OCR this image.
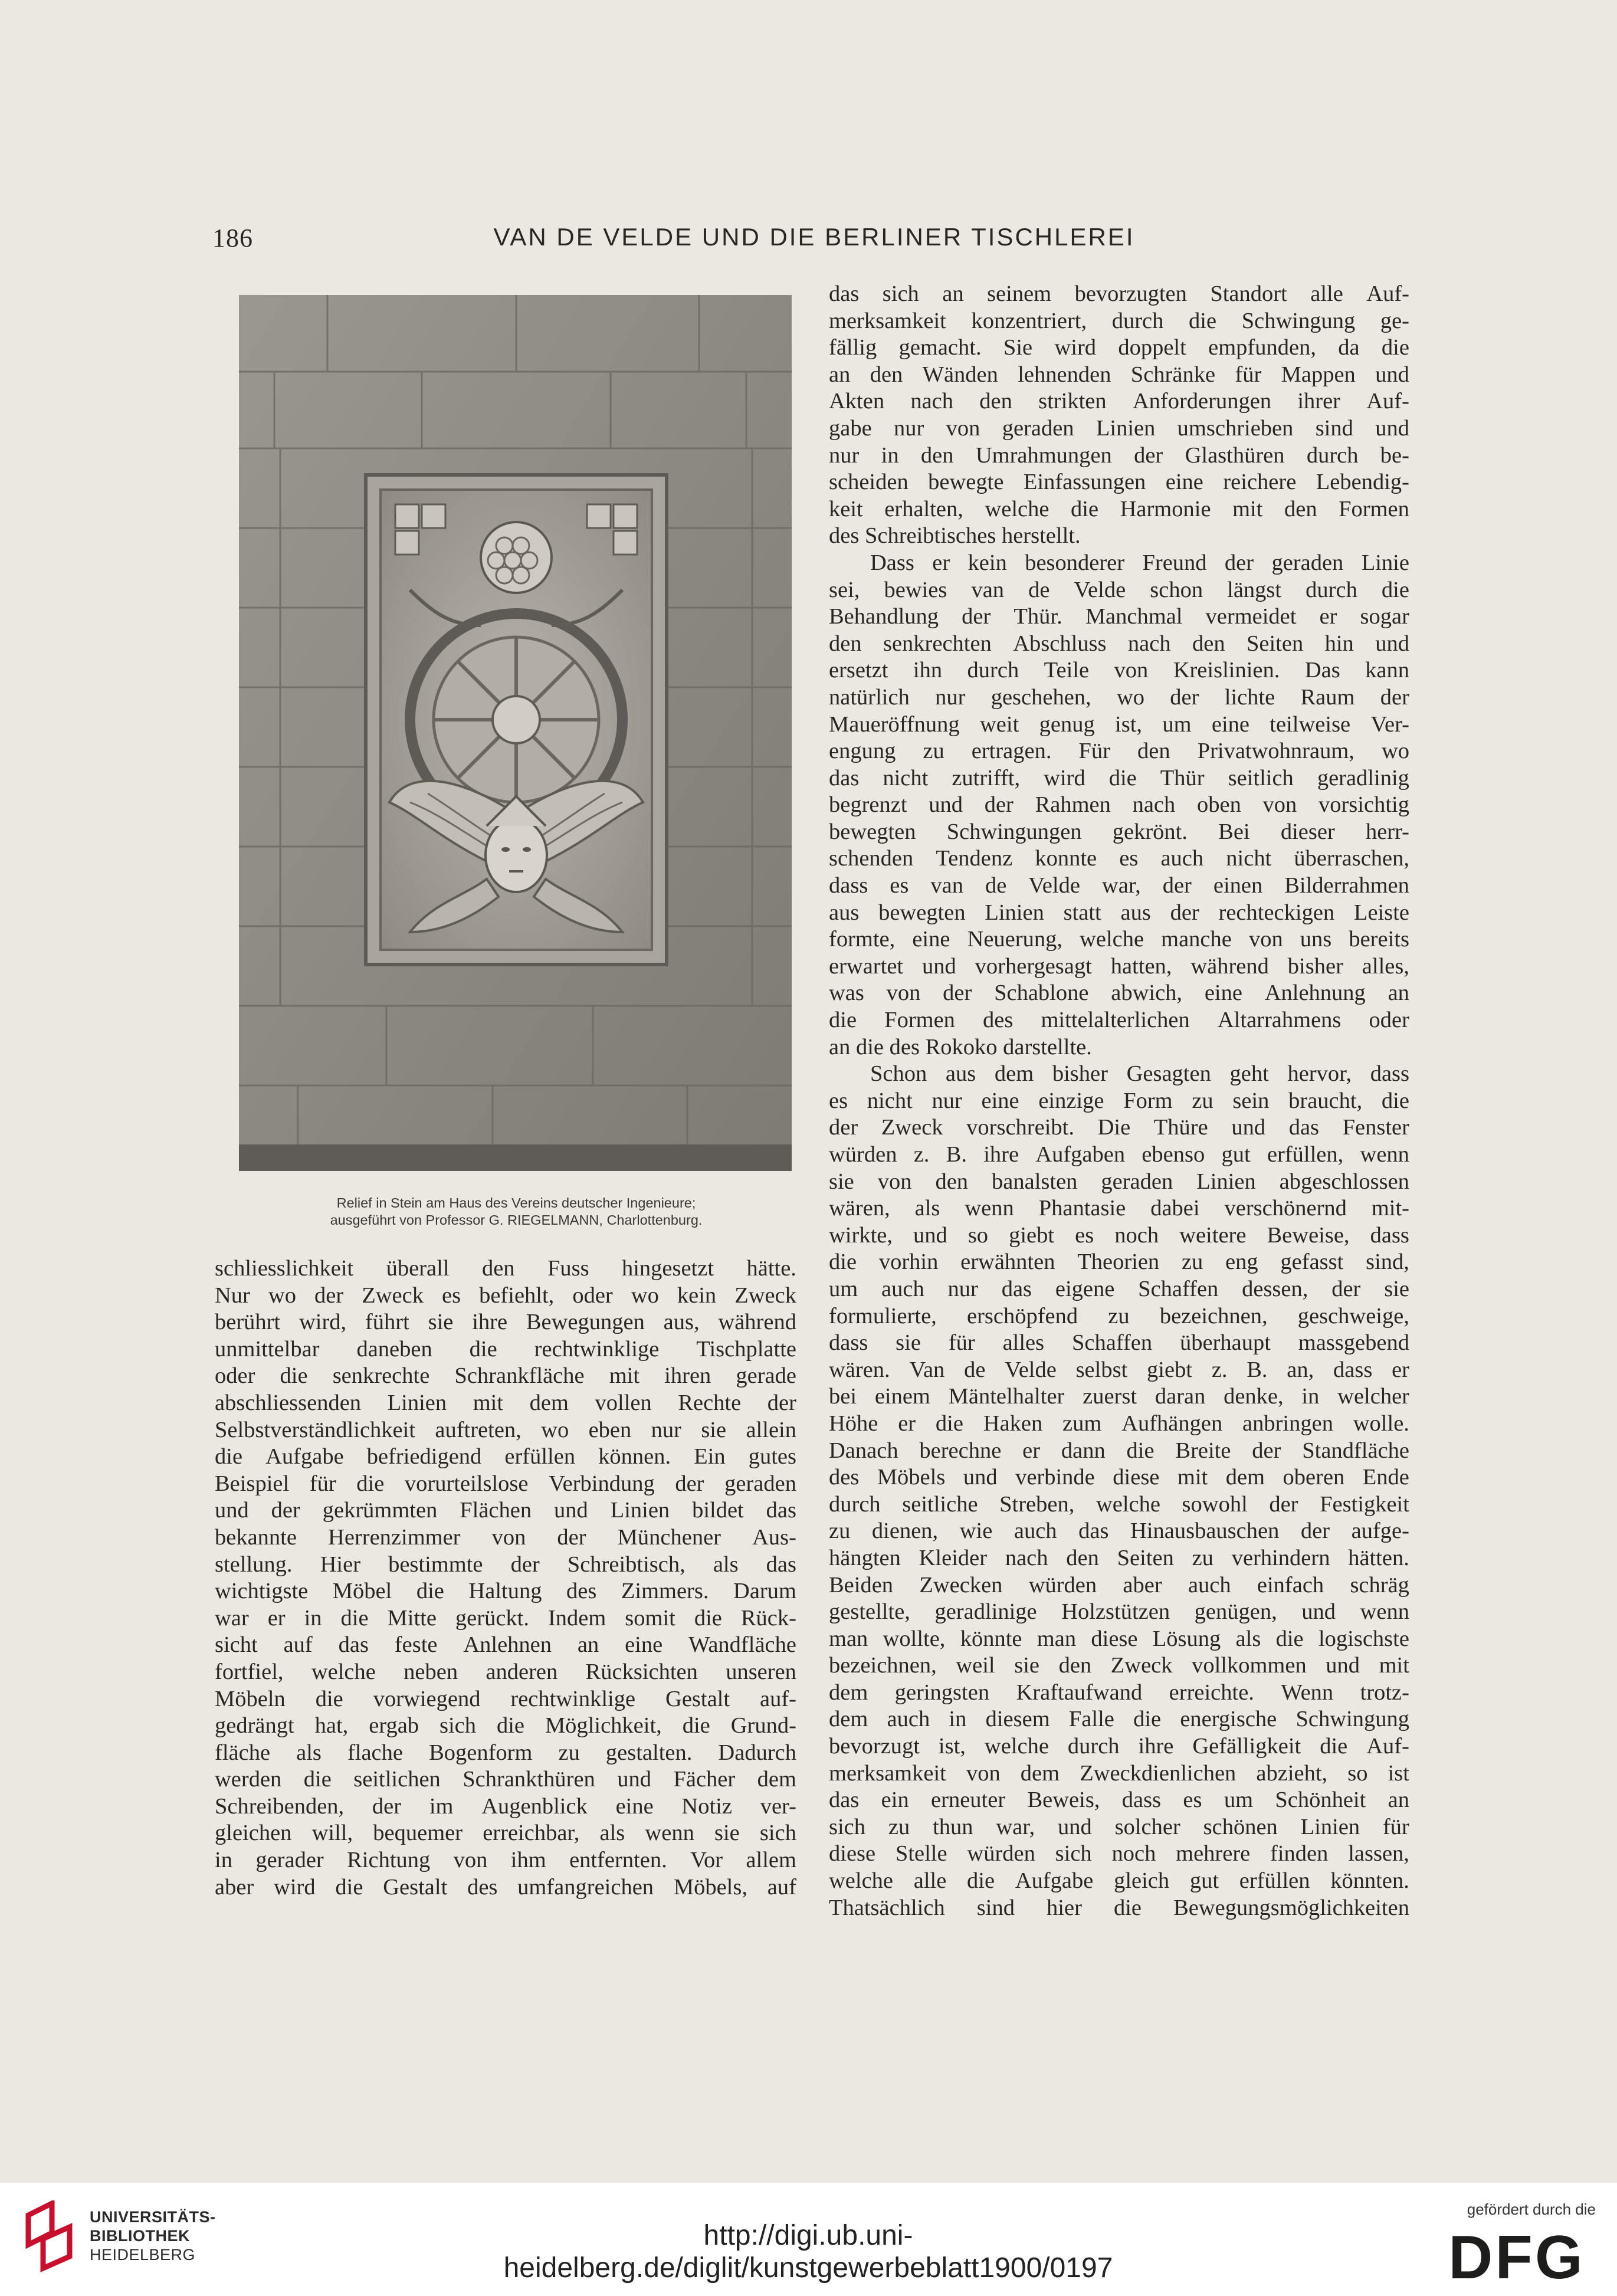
186	VAN DE VELDE UND DIE BERLINER TISCHLEREI
Relief in Stein am Haus des Vereins deutscher Ingenieure;
ausgeführt von Professor G. RIEGELMANN, Charlottenburg.
schliesslichkeit überall den Fuss hingesetzt hätte.
Nur wo der Zweck es befiehlt, oder wo kein Zweck
berührt wird, führt sie ihre Bewegungen aus, während
unmittelbar daneben die rechtwinklige Tischplatte
oder die senkrechte Schrankfläche mit ihren gerade
abschliessenden Linien mit dem vollen Rechte der
Selbstverständlichkeit auftreten, wo eben nur sie allein
die Aufgabe befriedigend erfüllen können. Ein gutes
Beispiel für die vorurteilslose Verbindung der geraden
und der gekrümmten Flächen und Linien bildet das
bekannte Herrenzimmer von der Münchener Aus-
stellung. Hier bestimmte der Schreibtisch, als das
wichtigste Möbel die Haltung des Zimmers. Darum
war er in die Mitte gerückt. Indem somit die Rück-
sicht auf das feste Anlehnen an eine Wandfläche
fortfiel, welche neben anderen Rücksichten unseren
Möbeln die vorwiegend rechtwinklige Gestalt auf-
gedrängt hat, ergab sich die Möglichkeit, die Grund-
fläche als flache Bogenform zu gestalten. Dadurch
werden die seitlichen Schrankthüren und Fächer dem
Schreibenden, der im Augenblick eine Notiz ver-
gleichen will, bequemer erreichbar, als wenn sie sich
in gerader Richtung von ihm entfernten. Vor allem
aber wird die Gestalt des umfangreichen Möbels, auf
das sich an seinem bevorzugten Standort alle Auf-
merksamkeit konzentriert, durch die Schwingung ge-
fällig gemacht. Sie wird doppelt empfunden, da die
an den Wänden lehnenden Schränke für Mappen und
Akten nach den strikten Anforderungen ihrer Auf-
gabe nur von geraden Linien umschrieben sind und
nur in den Umrahmungen der Glasthüren durch be-
scheiden bewegte Einfassungen eine reichere Lebendig-
keit erhalten, welche die Harmonie mit den Formen
des Schreibtisches herstellt.
Dass er kein besonderer Freund der geraden Linie
sei, bewies van de Velde schon längst durch die
Behandlung der Thür. Manchmal vermeidet er sogar
den senkrechten Abschluss nach den Seiten hin und
ersetzt ihn durch Teile von Kreislinien. Das kann
natürlich nur geschehen, wo der lichte Raum der
Maueröffnung weit genug ist, um eine teilweise Ver-
engung zu ertragen. Für den Privatwohnraum, wo
das nicht zutrifft, wird die Thür seitlich geradlinig
begrenzt und der Rahmen nach oben von vorsichtig
bewegten Schwingungen gekrönt. Bei dieser herr-
schenden Tendenz konnte es auch nicht überraschen,
dass es van de Velde war, der einen Bilderrahmen
aus bewegten Linien statt aus der rechteckigen Leiste
formte, eine Neuerung, welche manche von uns bereits
erwartet und vorhergesagt hatten, während bisher alles,
was von der Schablone abwich, eine Anlehnung an
die Formen des mittelalterlichen Altarrahmens oder
an die des Rokoko darstellte.
Schon aus dem bisher Gesagten geht hervor, dass
es nicht nur eine einzige Form zu sein braucht, die
der Zweck vorschreibt. Die Thüre und das Fenster
würden z. B. ihre Aufgaben ebenso gut erfüllen, wenn
sie von den banalsten geraden Linien abgeschlossen
wären, als wenn Phantasie dabei verschönernd mit-
wirkte, und so giebt es noch weitere Beweise, dass
die vorhin erwähnten Theorien zu eng gefasst sind,
um auch nur das eigene Schaffen dessen, der sie
formulierte, erschöpfend zu bezeichnen, geschweige,
dass sie für alles Schaffen überhaupt massgebend
wären. Van de Velde selbst giebt z. B. an, dass er
bei einem Mäntelhalter zuerst daran denke, in welcher
Höhe er die Haken zum Aufhängen anbringen wolle.
Danach berechne er dann die Breite der Standfläche
des Möbels und verbinde diese mit dem oberen Ende
durch seitliche Streben, welche sowohl der Festigkeit
zu dienen, wie auch das Hinausbauschen der aufge-
hängten Kleider nach den Seiten zu verhindern hätten.
Beiden Zwecken würden aber auch einfach schräg
gestellte, geradlinige Holzstützen genügen, und wenn
man wollte, könnte man diese Lösung als die logischste
bezeichnen, weil sie den Zweck vollkommen und mit
dem geringsten Kraftaufwand erreichte. Wenn trotz-
dem auch in diesem Falle die energische Schwingung
bevorzugt ist, welche durch ihre Gefälligkeit die Auf-
merksamkeit von dem Zweckdienlichen abzieht, so ist
das ein erneuter Beweis, dass es um Schönheit an
sich zu thun war, und solcher schönen Linien für
diese Stelle würden sich noch mehrere finden lassen,
welche alle die Aufgabe gleich gut erfüllen könnten.
Thatsächlich sind hier die Bewegungsmöglichkeiten
UNIVERSITÄTS-
BIBLIOTHEK
HEIDELBERG
http://digi.ub.uni-heidelberg.de/diglit/kunstgewerbeblatt1900/0197
gefördert durch die
DFG
